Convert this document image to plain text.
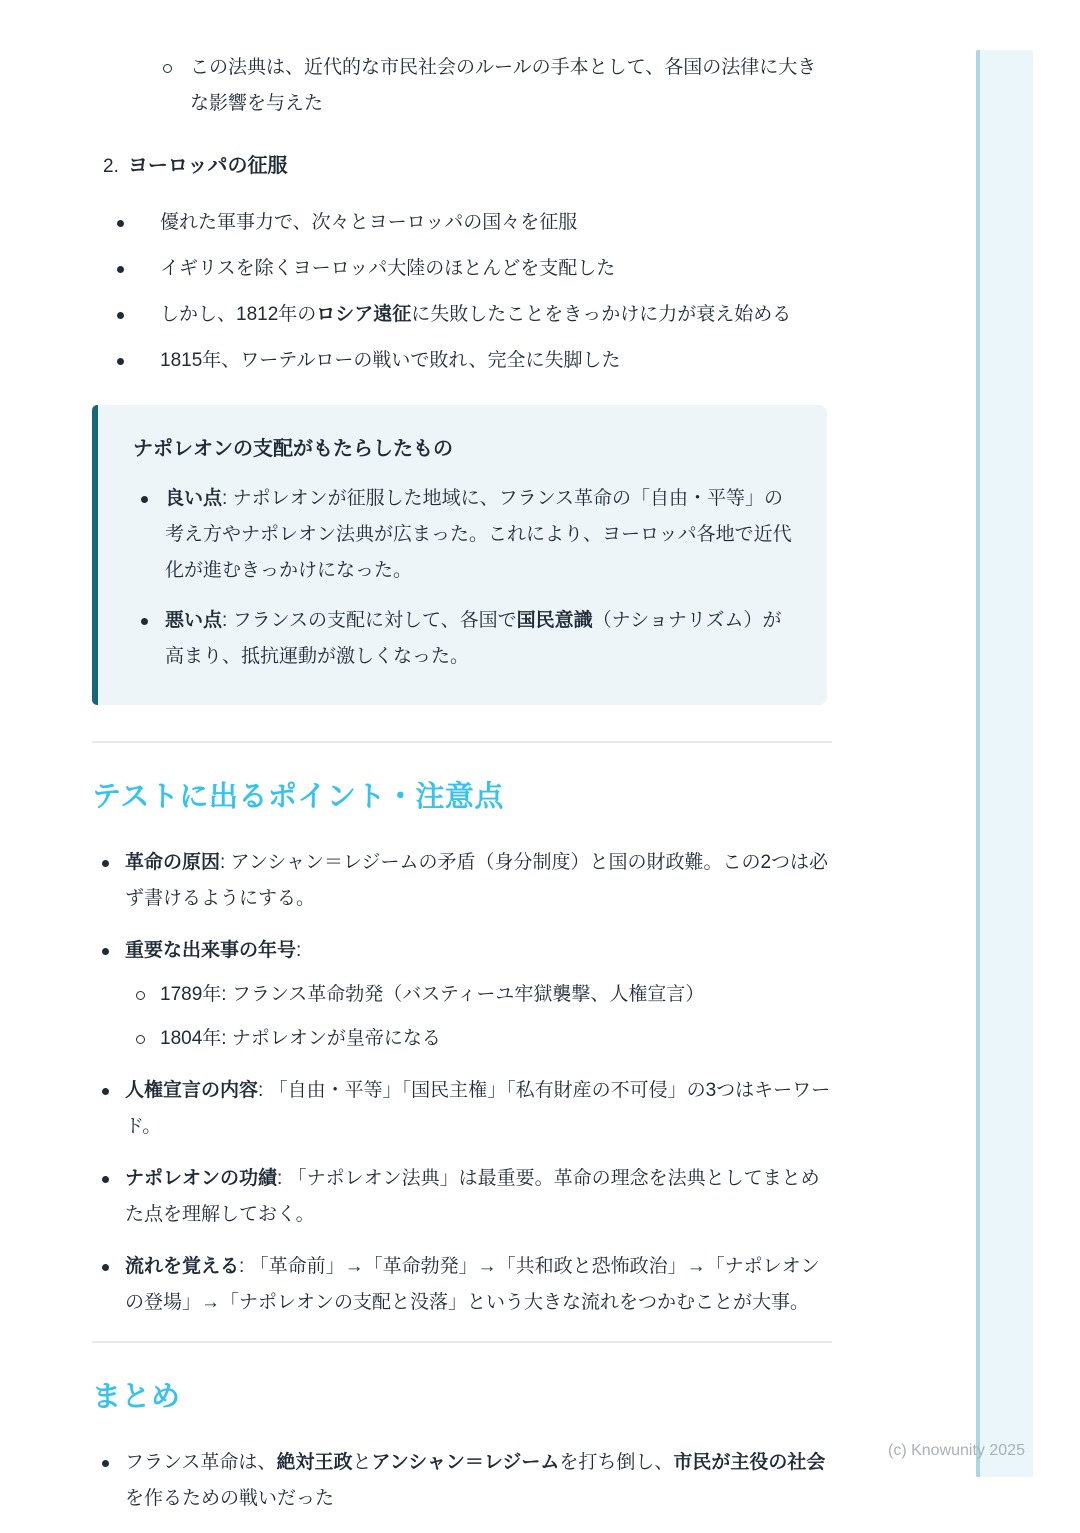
この法典は、近代的な市民社会のルールの手本として、各国の法律に大きな影響を与えた
2. ヨーロッパの征服
優れた軍事力で、次々とヨーロッパの国々を征服
イギリスを除くヨーロッパ大陸のほとんどを支配した
しかし、1812年のロシア遠征に失敗したことをきっかけに力が衰え始める
1815年、ワーテルローの戦いで敗れ、完全に失脚した
ナポレオンの支配がもたらしたもの
良い点: ナポレオンが征服した地域に、フランス革命の「自由・平等」の考え方やナポレオン法典が広まった。これにより、ヨーロッパ各地で近代化が進むきっかけになった。
悪い点: フランスの支配に対して、各国で国民意識（ナショナリズム）が高まり、抵抗運動が激しくなった。
テストに出るポイント・注意点
革命の原因: アンシャン＝レジームの矛盾（身分制度）と国の財政難。この2つは必ず書けるようにする。
重要な出来事の年号:
1789年: フランス革命勃発（バスティーユ牢獄襲撃、人権宣言）
1804年: ナポレオンが皇帝になる
人権宣言の内容: 「自由・平等」「国民主権」「私有財産の不可侵」の3つはキーワード。
ナポレオンの功績: 「ナポレオン法典」は最重要。革命の理念を法典としてまとめた点を理解しておく。
流れを覚える: 「革命前」→「革命勃発」→「共和政と恐怖政治」→「ナポレオンの登場」→「ナポレオンの支配と没落」という大きな流れをつかむことが大事。
まとめ
フランス革命は、絶対王政とアンシャン＝レジームを打ち倒し、市民が主役の社会を作るための戦いだった
(c) Knowunity 2025
